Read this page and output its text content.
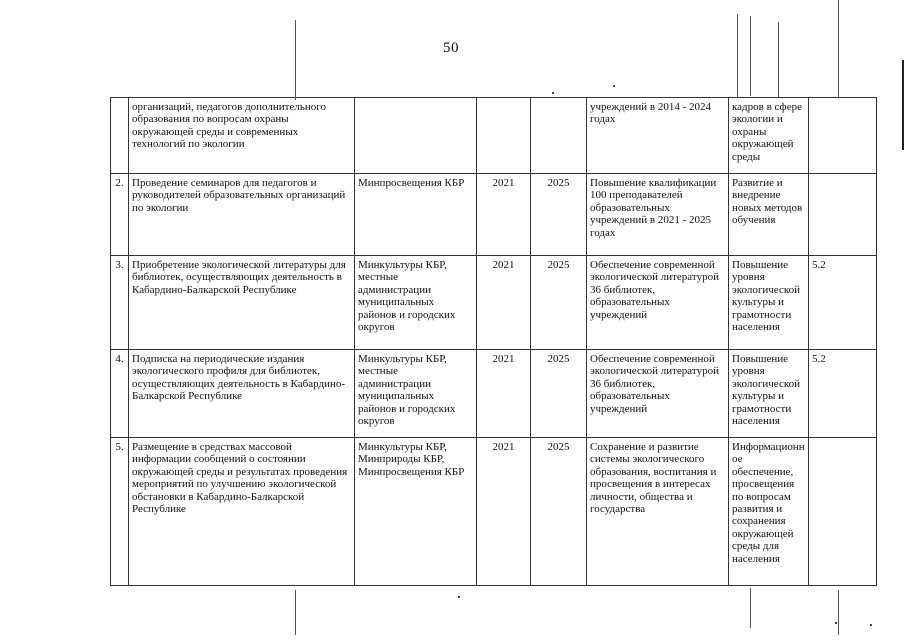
50
	организаций, педагогов дополнительного образования по вопросам охраны окружающей среды и современных технологий по экологии				учреждений в 2014 - 2024 годах	кадров в сфере экологии и охраны окружающей среды	
2.	Проведение семинаров для педагогов и руководителей образовательных организаций по экологии	Минпросвещения КБР	2021	2025	Повышение квалификации 100 преподавателей образовательных учреждений в 2021 - 2025 годах	Развитие и внедрение новых методов обучения	
3.	Приобретение экологической литературы для библиотек, осуществляющих деятельность в Кабардино-Балкарской Республике	Минкультуры КБР, местные администрации муниципальных районов и городских округов	2021	2025	Обеспечение современной экологической литературой 36 библиотек, образовательных учреждений	Повышение уровня экологической культуры и грамотности населения	5.2
4.	Подписка на периодические издания экологического профиля для библиотек, осуществляющих деятельность в Кабардино-Балкарской Республике	Минкультуры КБР, местные администрации муниципальных районов и городских округов	2021	2025	Обеспечение современной экологической литературой 36 библиотек, образовательных учреждений	Повышение уровня экологической культуры и грамотности населения	5.2
5.	Размещение в средствах массовой информации сообщений о состоянии окружающей среды и результатах проведения мероприятий по улучшению экологической обстановки в Кабардино-Балкарской Республике	Минкультуры КБР, Минприроды КБР, Минпросвещения КБР	2021	2025	Сохранение и развитие системы экологического образования, воспитания и просвещения в интересах личности, общества и государства	Информационное обеспечение, просвещения по вопросам развития и сохранения окружающей среды для населения	
